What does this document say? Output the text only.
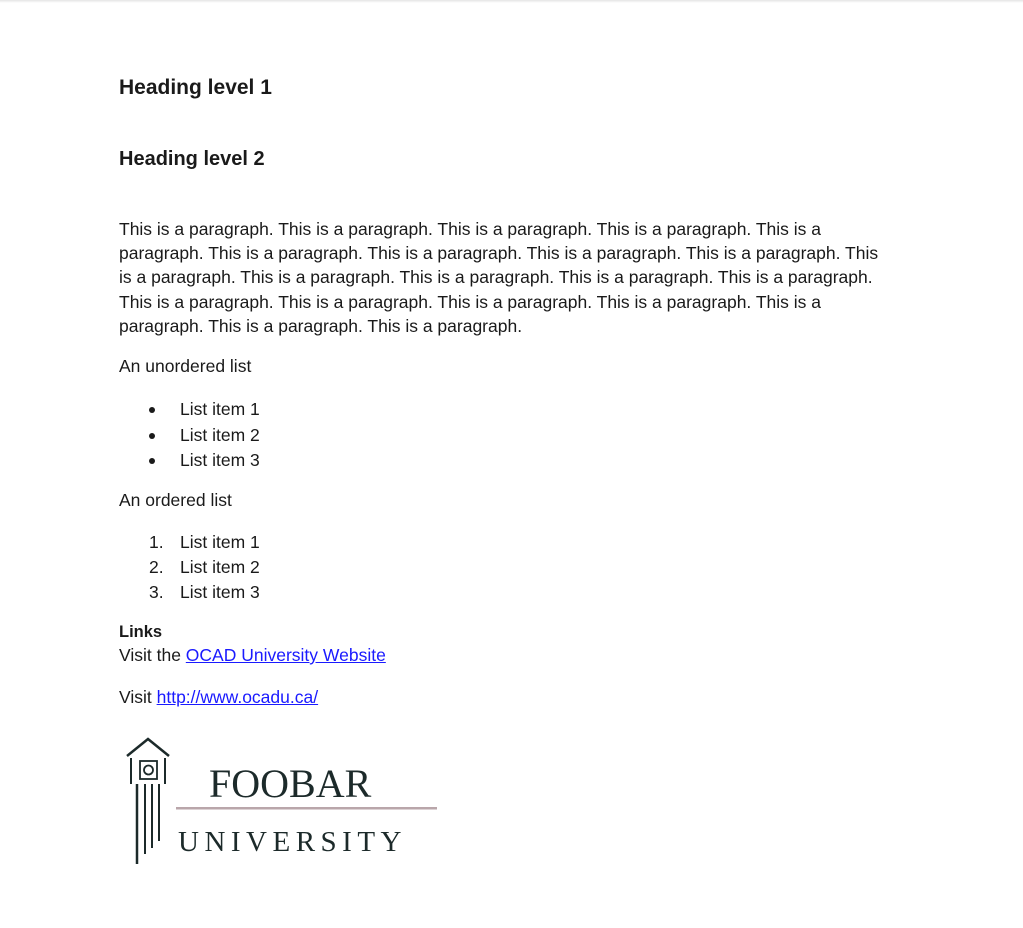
Heading level 1
Heading level 2

This is a paragraph. This is a paragraph. This is a paragraph. This is a paragraph. This is a paragraph. This is a paragraph. This is a paragraph. This is a paragraph. This is a paragraph. This is a paragraph. This is a paragraph. This is a paragraph. This is a paragraph. This is a paragraph. This is a paragraph. This is a paragraph. This is a paragraph. This is a paragraph. This is a paragraph. This is a paragraph. This is a paragraph.

An unordered list

List item 1
List item 2
List item 3

An ordered list

1. List item 1
2. List item 2
3. List item 3
Links

Visit the OCAD University Website

Visit http://www.ocadu.ca/

FOOBAR
UNIVERSITY
